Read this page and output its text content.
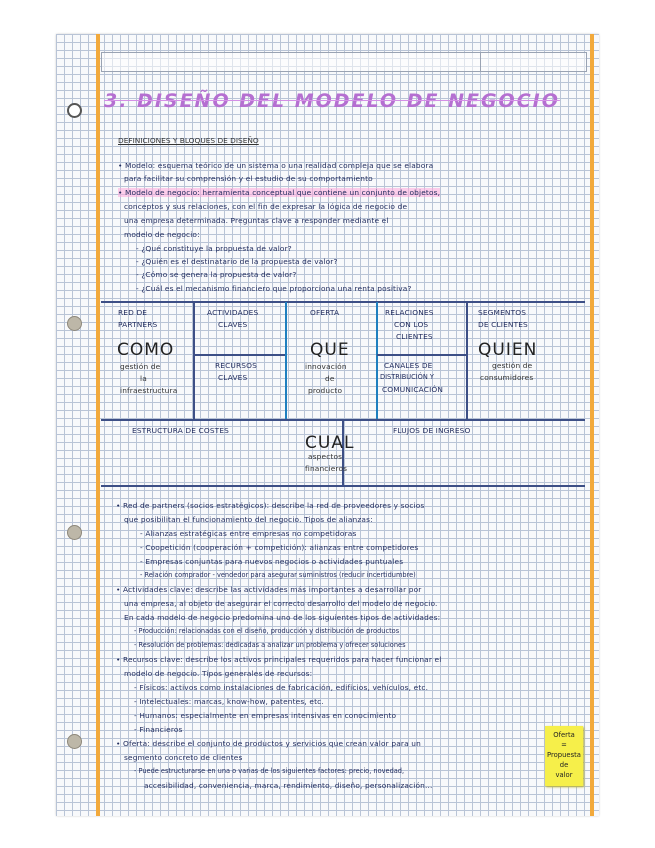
3. DISEÑO DEL MODELO DE NEGOCIO
DEFINICIONES Y BLOQUES DE DISEÑO
• Modelo: esquema teórico de un sistema o una realidad compleja que se elabora
para facilitar su comprensión y el estudio de su comportamiento
• Modelo de negocio: herramienta conceptual que contiene un conjunto de objetos,
conceptos y sus relaciones, con el fin de expresar la lógica de negocio de
una empresa determinada. Preguntas clave a responder mediante el
modelo de negocio:
- ¿Qué constituye la propuesta de valor?
- ¿Quién es el destinatario de la propuesta de valor?
- ¿Cómo se genera la propuesta de valor?
- ¿Cuál es el mecanismo financiero que proporciona una renta positiva?
RED DE
PARTNERS
COMO
gestión de
la
infraestructura
ACTIVIDADES
CLAVES
RECURSOS
CLAVES
OFERTA
QUE
innovación
de
producto
RELACIONES
CON LOS
CLIENTES
CANALES DE
DISTRIBUCIÓN Y
COMUNICACIÓN
SEGMENTOS
DE CLIENTES
QUIEN
gestión de
consumidores
ESTRUCTURA DE COSTES	FLUJOS DE INGRESO
CUAL
aspectos
financieros
• Red de partners (socios estratégicos): describe la red de proveedores y socios
que posibilitan el funcionamiento del negocio. Tipos de alianzas:
- Alianzas estratégicas entre empresas no competidoras
- Coopetición (cooperación + competición): alianzas entre competidores
- Empresas conjuntas para nuevos negocios o actividades puntuales
- Relación comprador - vendedor para asegurar suministros (reducir incertidumbre)
• Actividades clave: describe las actividades más importantes a desarrollar por
una empresa, al objeto de asegurar el correcto desarrollo del modelo de negocio.
En cada modelo de negocio predomina uno de los siguientes tipos de actividades:
- Producción: relacionadas con el diseño, producción y distribución de productos
- Resolución de problemas: dedicadas a analizar un problema y ofrecer soluciones
• Recursos clave: describe los activos principales requeridos para hacer funcionar el
modelo de negocio. Tipos generales de recursos:
- Físicos: activos como instalaciones de fabricación, edificios, vehículos, etc.
- Intelectuales: marcas, know-how, patentes, etc.
- Humanos: especialmente en empresas intensivas en conocimiento
- Financieros
• Oferta: describe el conjunto de productos y servicios que crean valor para un
segmento concreto de clientes
- Puede estructurarse en una o varias de los siguientes factores: precio, novedad,
accesibilidad, conveniencia, marca, rendimiento, diseño, personalización...
Oferta
=
Propuesta
de
valor
